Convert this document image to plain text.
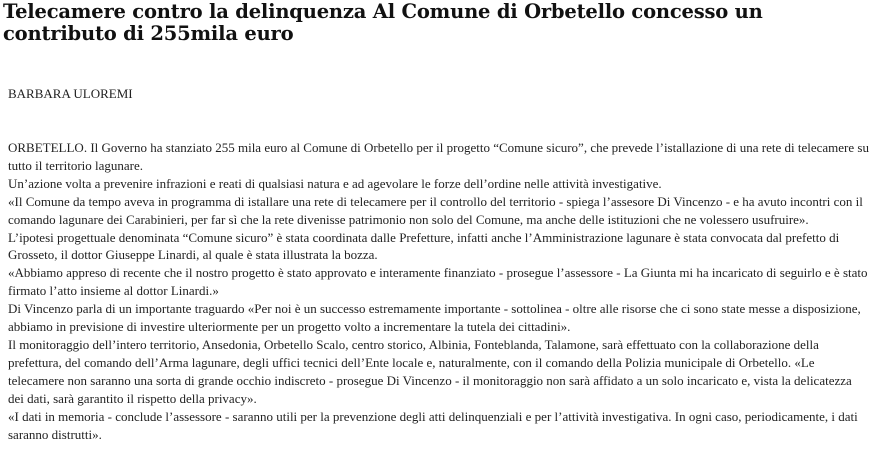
Telecamere contro la delinquenza Al Comune di Orbetello concesso un contributo di 255mila euro

BARBARA ULOREMI

ORBETELLO. Il Governo ha stanziato 255 mila euro al Comune di Orbetello per il progetto “Comune sicuro”, che prevede l’istallazione di una rete di telecamere su tutto il territorio lagunare.

Un’azione volta a prevenire infrazioni e reati di qualsiasi natura e ad agevolare le forze dell’ordine nelle attività investigative.

«Il Comune da tempo aveva in programma di istallare una rete di telecamere per il controllo del territorio - spiega l’assesore Di Vincenzo - e ha avuto incontri con il comando lagunare dei Carabinieri, per far sì che la rete divenisse patrimonio non solo del Comune, ma anche delle istituzioni che ne volessero usufruire».

L’ipotesi progettuale denominata “Comune sicuro” è stata coordinata dalle Prefetture, infatti anche l’Amministrazione lagunare è stata convocata dal prefetto di Grosseto, il dottor Giuseppe Linardi, al quale è stata illustrata la bozza.

«Abbiamo appreso di recente che il nostro progetto è stato approvato e interamente finanziato - prosegue l’assessore - La Giunta mi ha incaricato di seguirlo e è stato firmato l’atto insieme al dottor Linardi.»

Di Vincenzo parla di un importante traguardo «Per noi è un successo estremamente importante - sottolinea - oltre alle risorse che ci sono state messe a disposizione, abbiamo in previsione di investire ulteriormente per un progetto volto a incrementare la tutela dei cittadini».

Il monitoraggio dell’intero territorio, Ansedonia, Orbetello Scalo, centro storico, Albinia, Fonteblanda, Talamone, sarà effettuato con la collaborazione della prefettura, del comando dell’Arma lagunare, degli uffici tecnici dell’Ente locale e, naturalmente, con il comando della Polizia municipale di Orbetello. «Le telecamere non saranno una sorta di grande occhio indiscreto - prosegue Di Vincenzo - il monitoraggio non sarà affidato a un solo incaricato e, vista la delicatezza dei dati, sarà garantito il rispetto della privacy».

«I dati in memoria - conclude l’assessore - saranno utili per la prevenzione degli atti delinquenziali e per l’attività investigativa. In ogni caso, periodicamente, i dati saranno distrutti».
